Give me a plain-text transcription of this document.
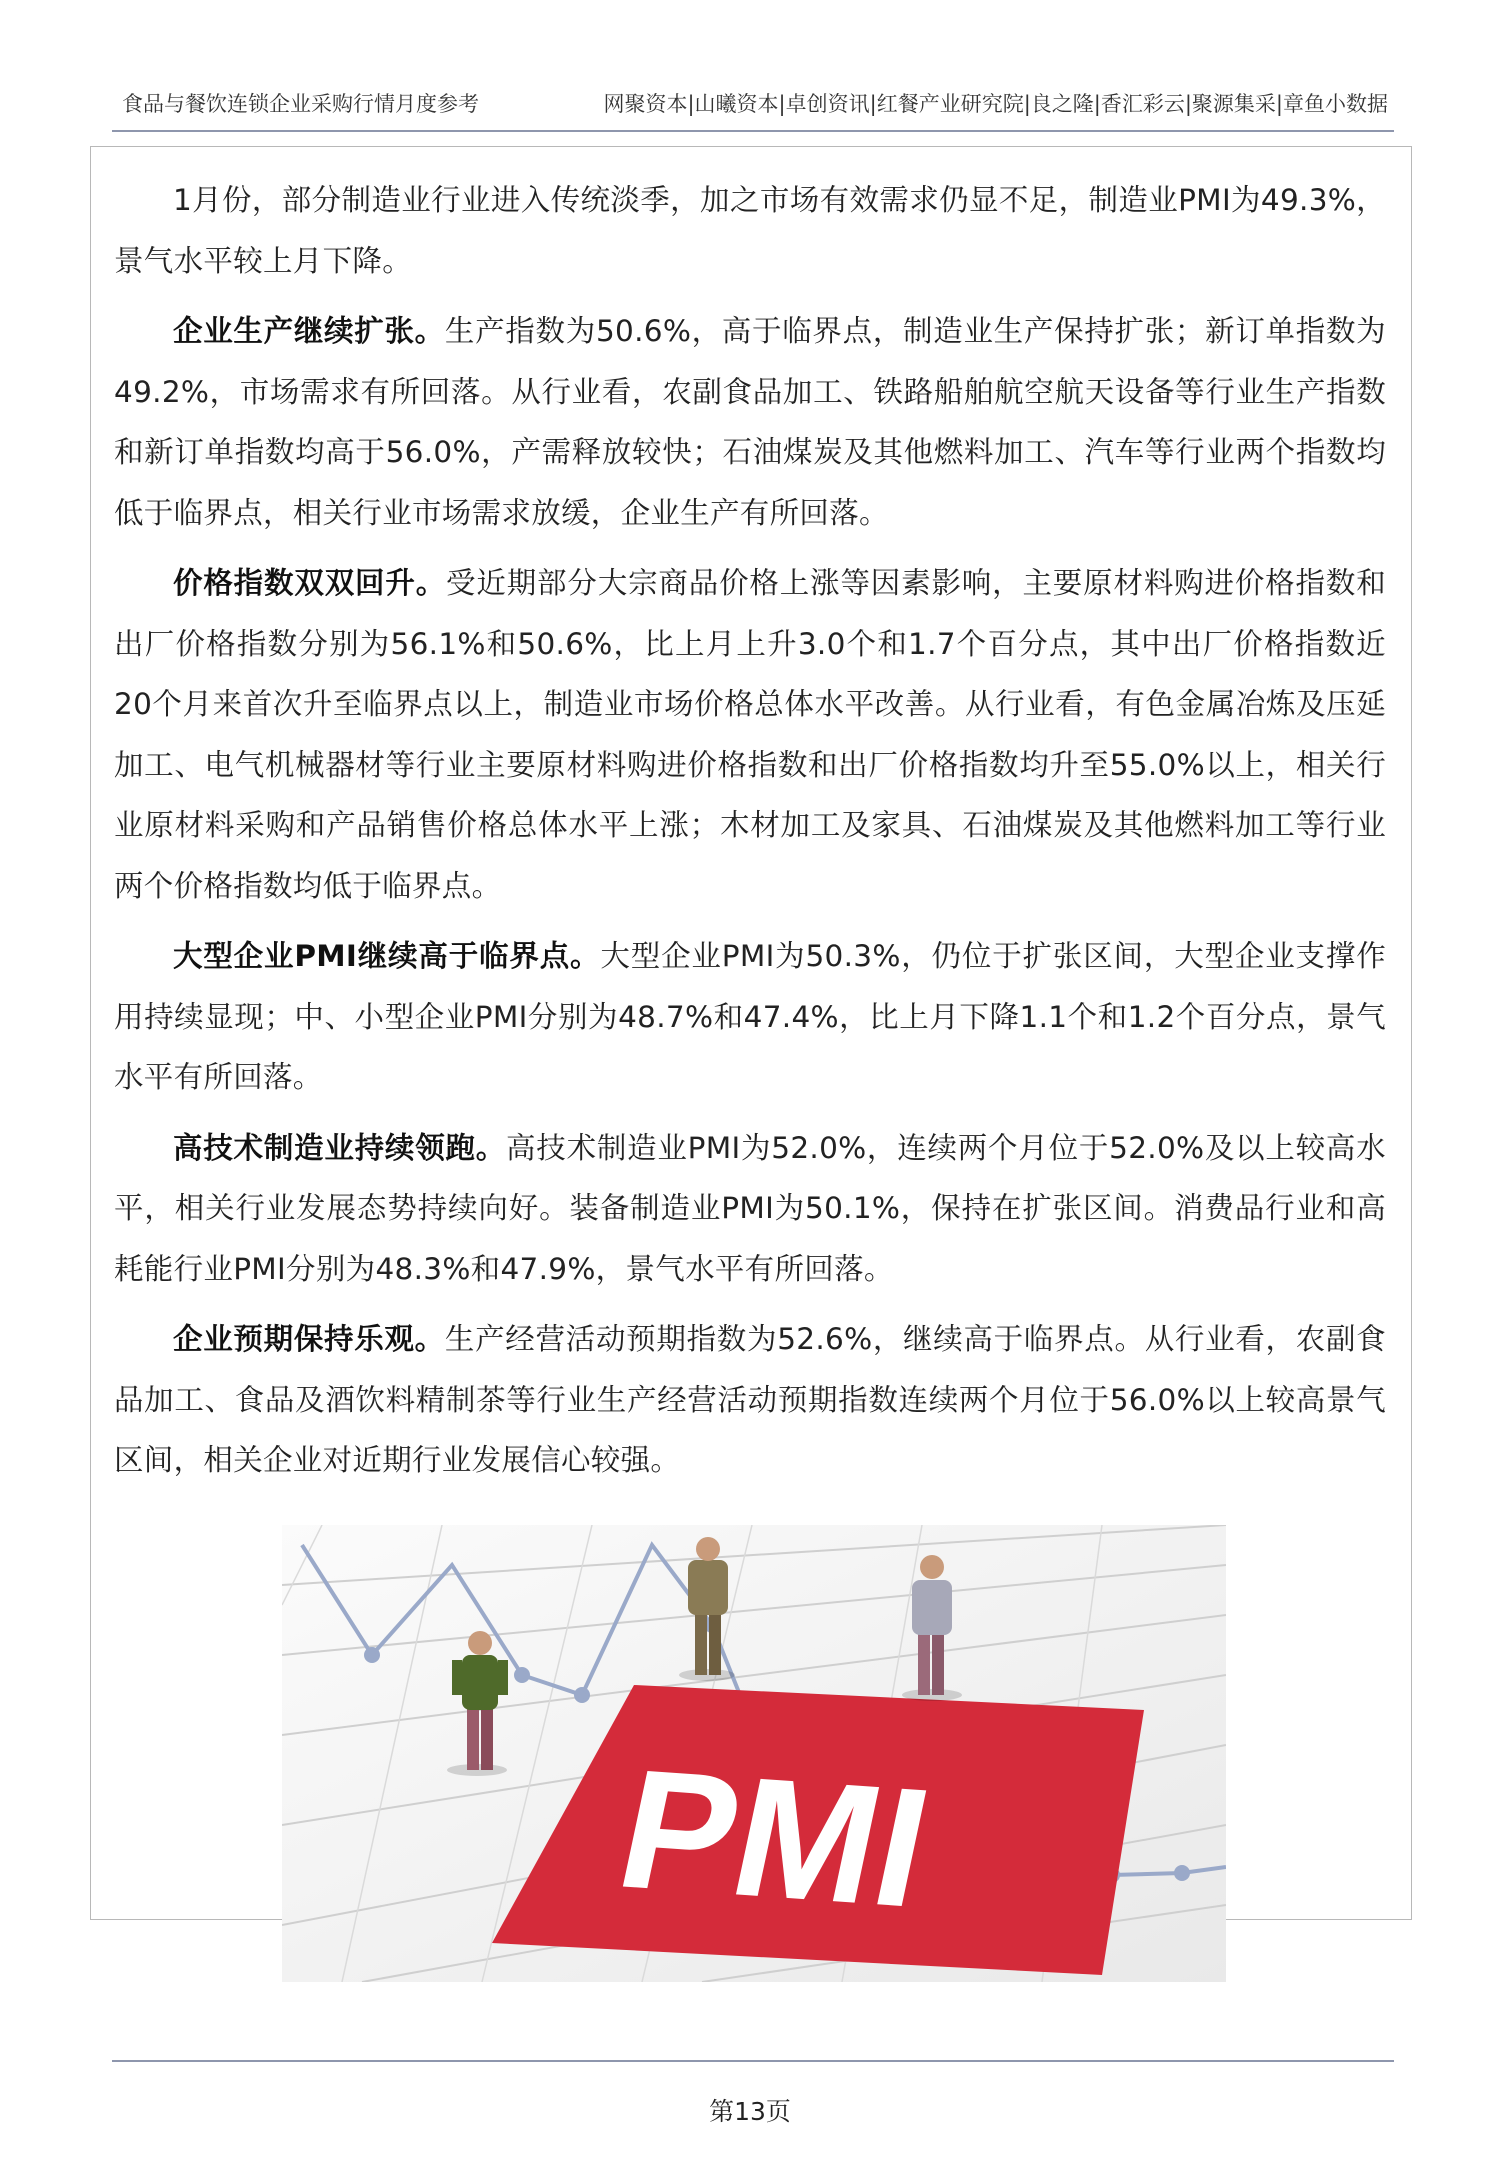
食品与餐饮连锁企业采购行情月度参考	网聚资本|山曦资本|卓创资讯|红餐产业研究院|良之隆|香汇彩云|聚源集采|章鱼小数据

1月份，部分制造业行业进入传统淡季，加之市场有效需求仍显不足，制造业PMI为49.3%，景气水平较上月下降。

企业生产继续扩张。生产指数为50.6%，高于临界点，制造业生产保持扩张；新订单指数为49.2%，市场需求有所回落。从行业看，农副食品加工、铁路船舶航空航天设备等行业生产指数和新订单指数均高于56.0%，产需释放较快；石油煤炭及其他燃料加工、汽车等行业两个指数均低于临界点，相关行业市场需求放缓，企业生产有所回落。

价格指数双双回升。受近期部分大宗商品价格上涨等因素影响，主要原材料购进价格指数和出厂价格指数分别为56.1%和50.6%，比上月上升3.0个和1.7个百分点，其中出厂价格指数近20个月来首次升至临界点以上，制造业市场价格总体水平改善。从行业看，有色金属冶炼及压延加工、电气机械器材等行业主要原材料购进价格指数和出厂价格指数均升至55.0%以上，相关行业原材料采购和产品销售价格总体水平上涨；木材加工及家具、石油煤炭及其他燃料加工等行业两个价格指数均低于临界点。

大型企业PMI继续高于临界点。大型企业PMI为50.3%，仍位于扩张区间，大型企业支撑作用持续显现；中、小型企业PMI分别为48.7%和47.4%，比上月下降1.1个和1.2个百分点，景气水平有所回落。

高技术制造业持续领跑。高技术制造业PMI为52.0%，连续两个月位于52.0%及以上较高水平，相关行业发展态势持续向好。装备制造业PMI为50.1%，保持在扩张区间。消费品行业和高耗能行业PMI分别为48.3%和47.9%，景气水平有所回落。

企业预期保持乐观。生产经营活动预期指数为52.6%，继续高于临界点。从行业看，农副食品加工、食品及酒饮料精制茶等行业生产经营活动预期指数连续两个月位于56.0%以上较高景气区间，相关企业对近期行业发展信心较强。

PMI
第13页
